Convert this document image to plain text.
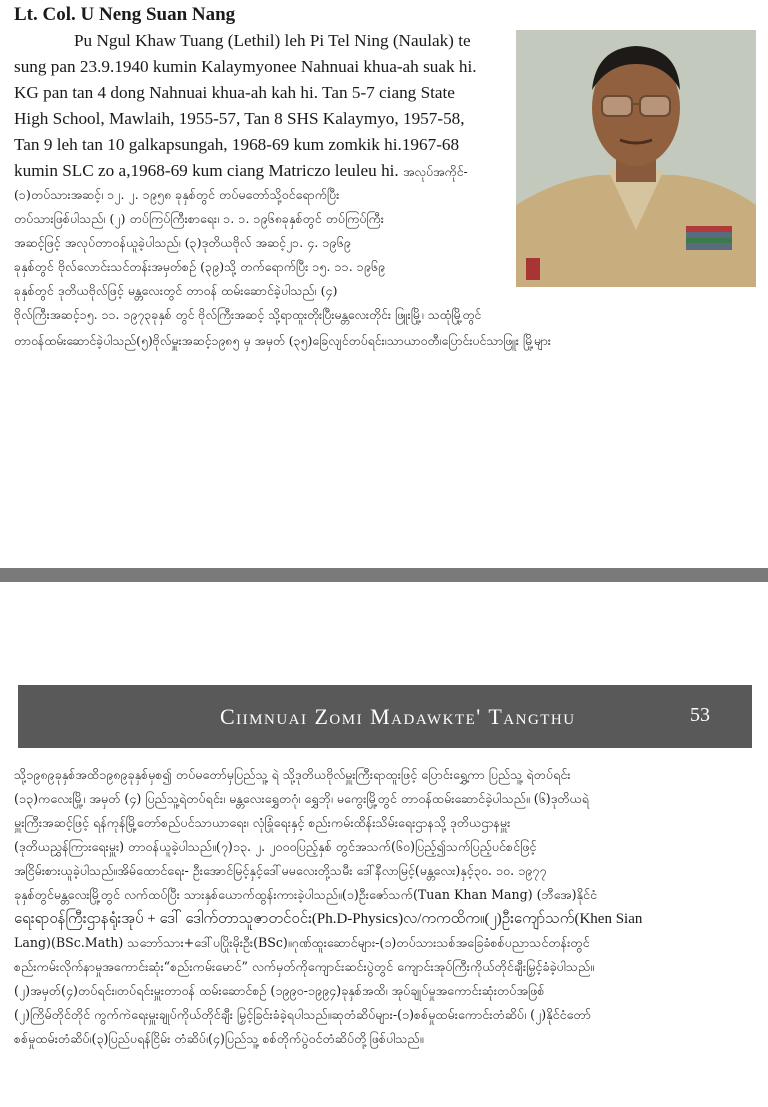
Lt. Col. U Neng Suan Nang
Pu Ngul Khaw Tuang (Lethil) leh Pi Tel Ning (Naulak) te
sung pan 23.9.1940 kumin Kalaymyonee Nahnuai khua-ah suak hi.
KG pan tan 4 dong Nahnuai khua-ah kah hi. Tan 5-7 ciang State
High School, Mawlaih, 1955-57, Tan 8 SHS Kalaymyo, 1957-58,
Tan 9 leh tan 10 galkapsungah, 1968-69 kum zomkik hi.1967-68
kumin SLC zo a,1968-69 kum ciang Matriczo leuleu hi. အလုပ်အကိုင်-
(၁)တပ်သားအဆင့်၊ ၁၂. ၂. ၁၉၅၈ ခုနှစ်တွင် တပ်မတော်သို့ဝင်ရောက်ပြီး
တပ်သားဖြစ်ပါသည်၊ (၂) တပ်ကြပ်ကြီးစာရေး၊ ၁. ၁. ၁၉၆၈ခုနှစ်တွင် တပ်ကြပ်ကြီး
အဆင့်ဖြင့် အလုပ်တာဝန်ယူခဲ့ပါသည်၊ (၃)ဒုတိယဗိုလ် အဆင့်၂၁. ၄. ၁၉၆၉
ခုနှစ်တွင် ဗိုလ်လောင်းသင်တန်းအမှတ်စဉ် (၃၉)သို့ တက်ရောက်ပြီး ၁၅. ၁၁. ၁၉၆၉
ခုနှစ်တွင် ဒုတိယဗိုလ်ဖြင့် မန္တလေးတွင် တာဝန် ထမ်းဆောင်ခဲ့ပါသည်၊ (၄)
ဗိုလ်ကြီးအဆင့်၁၅. ၁၁. ၁၉၇၃ခုနှစ် တွင် ဗိုလ်ကြီးအဆင့် သို့ရာထူးတိုးပြီးမန္တလေးတိုင်း ဖြူးမြို့၊ သထုံမြို့တွင်
တာဝန်ထမ်းဆောင်ခဲ့ပါသည်(၅)ဗိုလ်မှူးအဆင့်၁၉၈၅ မှ အမှတ် (၃၅)ခြေလျင်တပ်ရင်း၊သာယာဝတီ၊ပြောင်းပင်သာဖြူး မြို့များ
Ciimnuai Zomi Madawkte' Tangthu	53
သို့၁၉၈၉ခုနှစ်အထိ၁၉၈၉ခုနှစ်မှစ၍ တပ်မတော်မှပြည်သူ့ ရဲ သို့ဒုတိယဗိုလ်မှူးကြီးရာထူးဖြင့် ပြောင်းရွှေ့ကာ ပြည်သူ့ ရဲတပ်ရင်း
(၁၃)ကလေးမြို့၊ အမှတ် (၄) ပြည်သူ့ရဲတပ်ရင်း၊ မန္တလေးရွှေတဂုံ၊ ရွှေဘို၊ မကွေးမြို့တွင် တာဝန်ထမ်းဆောင်ခဲ့ပါသည်။ (၆)ဒုတိယရဲ
မှူးကြီးအဆင့်ဖြင့် ရန်ကုန်မြို့တော်စည်ပင်သာယာရေး၊ လုံခြုံရေးနှင့် စည်းကမ်းထိန်းသိမ်းရေးဌာနသို့ ဒုတိယဌာနမှူး
(ဒုတိယညွှန်ကြားရေးမှူး) တာဝန်ယူခဲ့ပါသည်။(၇)၁၃. ၂. ၂၀၀၀ပြည့်နှစ် တွင်အသက်(၆၀)ပြည့်၍သက်ပြည့်ပင်စင်ဖြင့်
အငြိမ်းစားယူခဲ့ပါသည်။အိမ်ထောင်ရေး- ဦးအောင်မြင့်နှင့်ဒေါ်မမလေးတို့သမီး ဒေါ်နီလာမြင့်(မန္တလေး)နှင့်၃၀. ၁၀. ၁၉၇၇
ခုနှစ်တွင်မန္တလေးမြို့တွင် လက်ထပ်ပြီး သားနှစ်ယောက်ထွန်းကားခဲ့ပါသည်။(၁)ဦးဇော်သက်(Tuan Khan Mang) (ဘီအေ)နိုင်ငံ
ရေးရာဝန်ကြီးဌာနရုံးအုပ် + ဒေါ် ဒေါက်တာသူဇာတင်ဝင်း(Ph.D-Physics)လ/ကကထိက။(၂)ဦးကျော်သက်(Khen Sian
Lang)(BSc.Math) သဘော်သား+ဒေါ်ပပြိုးမိုးဦး(BSc)။ဂုဏ်ထူးဆောင်များ-(၁)တပ်သားသစ်အခြေခံစစ်ပညာသင်တန်းတွင်
စည်းကမ်းလိုက်နာမှုအကောင်းဆုံး“စည်းကမ်းမောင်” လက်မှတ်ကိုကျောင်းဆင်းပွဲတွင် ကျောင်းအုပ်ကြီးကိုယ်တိုင်ချီးမြှင့်ခံခဲ့ပါသည်။
(၂)အမှတ်(၄)တပ်ရင်း၊တပ်ရင်းမှူးတာဝန် ထမ်းဆောင်စဉ် (၁၉၉၀-၁၉၉၄)ခုနှစ်အထိ၊ အုပ်ချုပ်မှုအကောင်းဆုံးတပ်အဖြစ်
(၂)ကြိမ်တိုင်တိုင် ကွက်ကဲရေးမှူးချုပ်ကိုယ်တိုင်ချီး မြှင့်ခြင်းခံခဲ့ရပါသည်။ဆုတံဆိပ်များ-(၁)စစ်မှုထမ်းကောင်းတံဆိပ်၊ (၂)နိုင်ငံတော်
စစ်မှုထမ်းတံဆိပ်၊(၃)ပြည်ပရန်ငြိမ်း တံဆိပ်၊(၄)ပြည်သူ့ စစ်တိုက်ပွဲဝင်တံဆိပ်တို့ဖြစ်ပါသည်။
